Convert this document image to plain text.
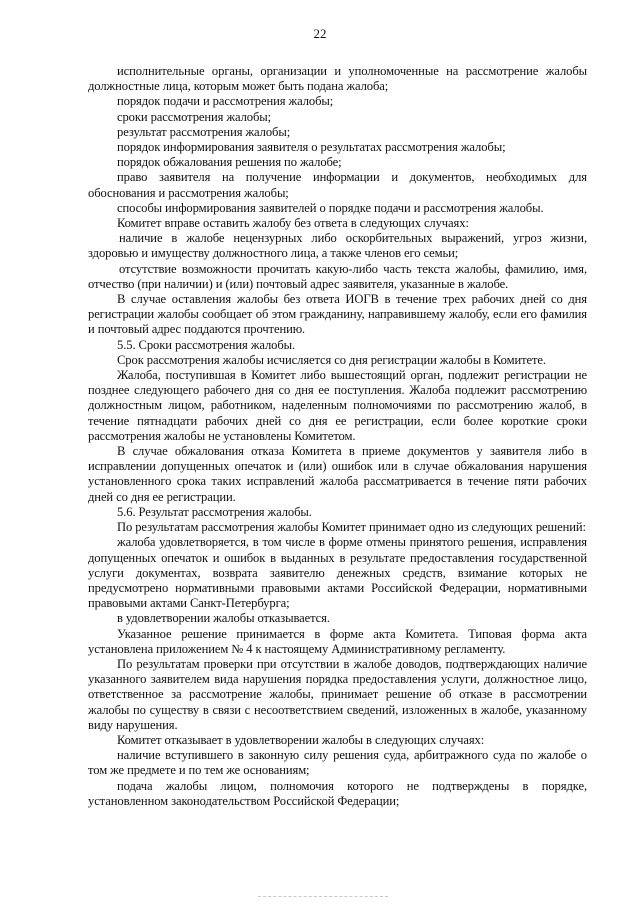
22

исполнительные органы, организации и уполномоченные на рассмотрение жалобы должностные лица, которым может быть подана жалоба;

порядок подачи и рассмотрения жалобы;

сроки рассмотрения жалобы;

результат рассмотрения жалобы;

порядок информирования заявителя о результатах рассмотрения жалобы;

порядок обжалования решения по жалобе;

право заявителя на получение информации и документов, необходимых для обоснования и рассмотрения жалобы;

способы информирования заявителей о порядке подачи и рассмотрения жалобы.

Комитет вправе оставить жалобу без ответа в следующих случаях:

наличие в жалобе нецензурных либо оскорбительных выражений, угроз жизни, здоровью и имуществу должностного лица, а также членов его семьи;

отсутствие возможности прочитать какую-либо часть текста жалобы, фамилию, имя, отчество (при наличии) и (или) почтовый адрес заявителя, указанные в жалобе.

В случае оставления жалобы без ответа ИОГВ в течение трех рабочих дней со дня регистрации жалобы сообщает об этом гражданину, направившему жалобу, если его фамилия и почтовый адрес поддаются прочтению.

5.5. Сроки рассмотрения жалобы.

Срок рассмотрения жалобы исчисляется со дня регистрации жалобы в Комитете.

Жалоба, поступившая в Комитет либо вышестоящий орган, подлежит регистрации не позднее следующего рабочего дня со дня ее поступления. Жалоба подлежит рассмотрению должностным лицом, работником, наделенным полномочиями по рассмотрению жалоб, в течение пятнадцати рабочих дней со дня ее регистрации, если более короткие сроки рассмотрения жалобы не установлены Комитетом.

В случае обжалования отказа Комитета в приеме документов у заявителя либо в исправлении допущенных опечаток и (или) ошибок или в случае обжалования нарушения установленного срока таких исправлений жалоба рассматривается в течение пяти рабочих дней со дня ее регистрации.

5.6. Результат рассмотрения жалобы.

По результатам рассмотрения жалобы Комитет принимает одно из следующих решений:

жалоба удовлетворяется, в том числе в форме отмены принятого решения, исправления допущенных опечаток и ошибок в выданных в результате предоставления государственной услуги документах, возврата заявителю денежных средств, взимание которых не предусмотрено нормативными правовыми актами Российской Федерации, нормативными правовыми актами Санкт-Петербурга;

в удовлетворении жалобы отказывается.

Указанное решение принимается в форме акта Комитета. Типовая форма акта установлена приложением № 4 к настоящему Административному регламенту.

По результатам проверки при отсутствии в жалобе доводов, подтверждающих наличие указанного заявителем вида нарушения порядка предоставления услуги, должностное лицо, ответственное за рассмотрение жалобы, принимает решение об отказе в рассмотрении жалобы по существу в связи с несоответствием сведений, изложенных в жалобе, указанному виду нарушения.

Комитет отказывает в удовлетворении жалобы в следующих случаях:

наличие вступившего в законную силу решения суда, арбитражного суда по жалобе о том же предмете и по тем же основаниям;

подача жалобы лицом, полномочия которого не подтверждены в порядке, установленном законодательством Российской Федерации;
